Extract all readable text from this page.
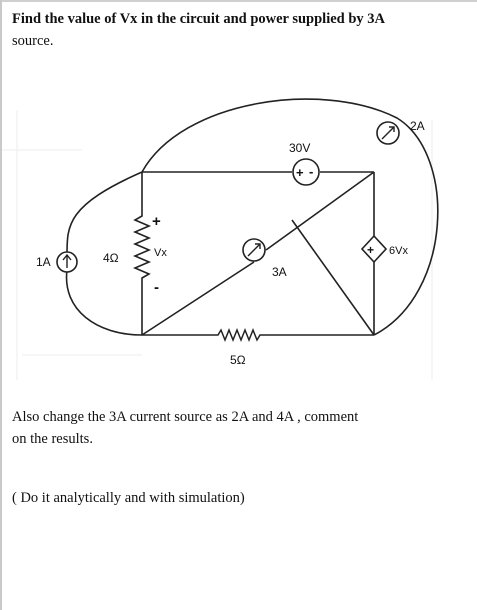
Find the value of Vx in the circuit and power supplied by 3A
source.
4Ω
+
Vx
-
1A
+ -
30V
3A
2A
+ 6Vx
5Ω
Also change the 3A current source as 2A and 4A , comment
on the results.
( Do it analytically and with simulation)
